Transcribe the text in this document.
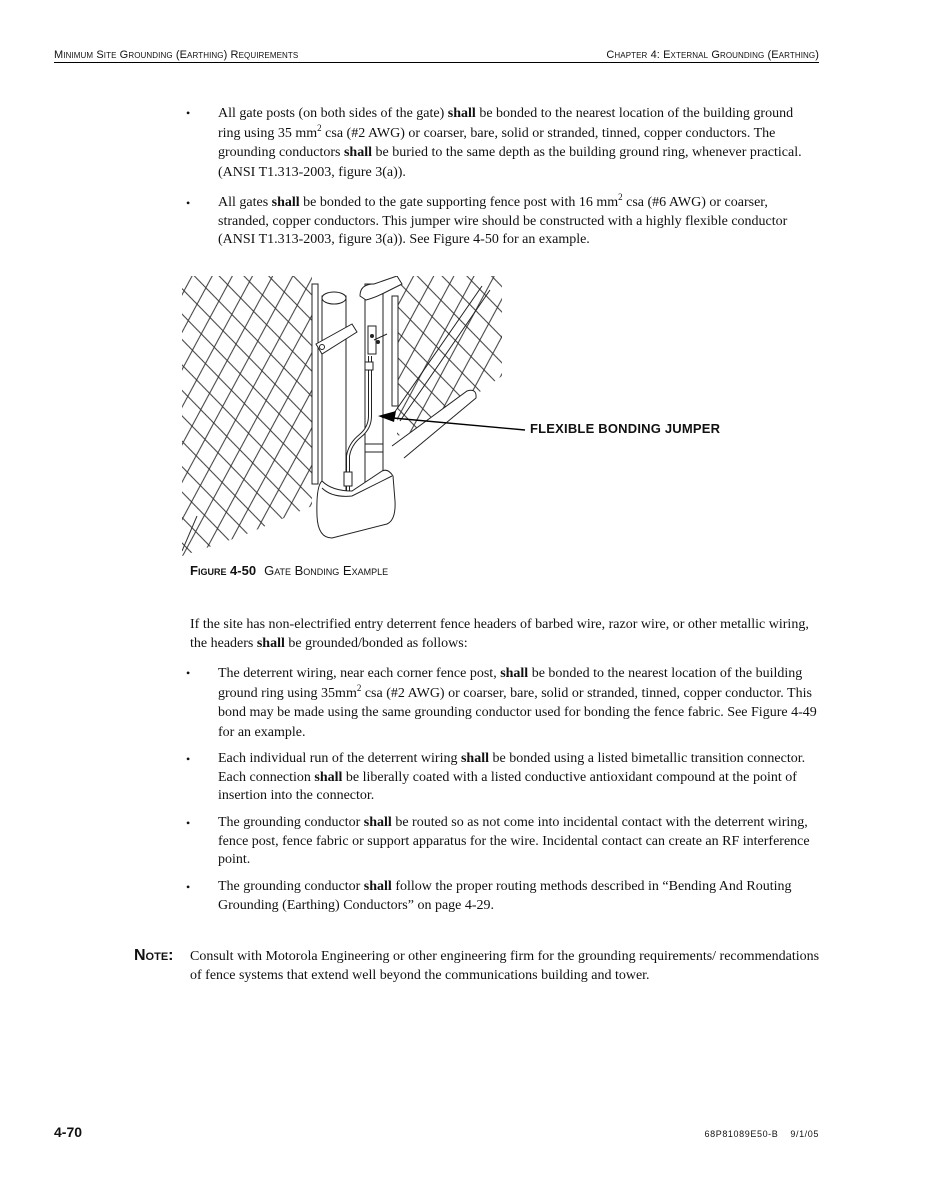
Minimum Site Grounding (Earthing) Requirements	Chapter 4: External Grounding (Earthing)
• All gate posts (on both sides of the gate) shall be bonded to the nearest location of the building ground ring using 35 $mm^2$ csa (#2 AWG) or coarser, bare, solid or stranded, tinned, copper conductors. The grounding conductors shall be buried to the same depth as the building ground ring, whenever practical. (ANSI T1.313-2003, figure 3(a)).
• All gates shall be bonded to the gate supporting fence post with 16 $mm^2$ csa (#6 AWG) or coarser, stranded, copper conductors. This jumper wire should be constructed with a highly flexible conductor (ANSI T1.313-2003, figure 3(a)). See Figure 4-50 for an example.
FLEXIBLE BONDING JUMPER
Figure 4-50 Gate Bonding Example
If the site has non-electrified entry deterrent fence headers of barbed wire, razor wire, or other metallic wiring, the headers shall be grounded/bonded as follows:
• The deterrent wiring, near each corner fence post, shall be bonded to the nearest location of the building ground ring using $35mm^2$ csa (#2 AWG) or coarser, bare, solid or stranded, tinned, copper conductor. This bond may be made using the same grounding conductor used for bonding the fence fabric. See Figure 4-49 for an example.
• Each individual run of the deterrent wiring shall be bonded using a listed bimetallic transition connector. Each connection shall be liberally coated with a listed conductive antioxidant compound at the point of insertion into the connector.
• The grounding conductor shall be routed so as not come into incidental contact with the deterrent wiring, fence post, fence fabric or support apparatus for the wire. Incidental contact can create an RF interference point.
• The grounding conductor shall follow the proper routing methods described in “Bending And Routing Grounding (Earthing) Conductors” on page 4-29.
Note: Consult with Motorola Engineering or other engineering firm for the grounding requirements/ recommendations of fence systems that extend well beyond the communications building and tower.
4-70	68P81089E50-B 9/1/05
